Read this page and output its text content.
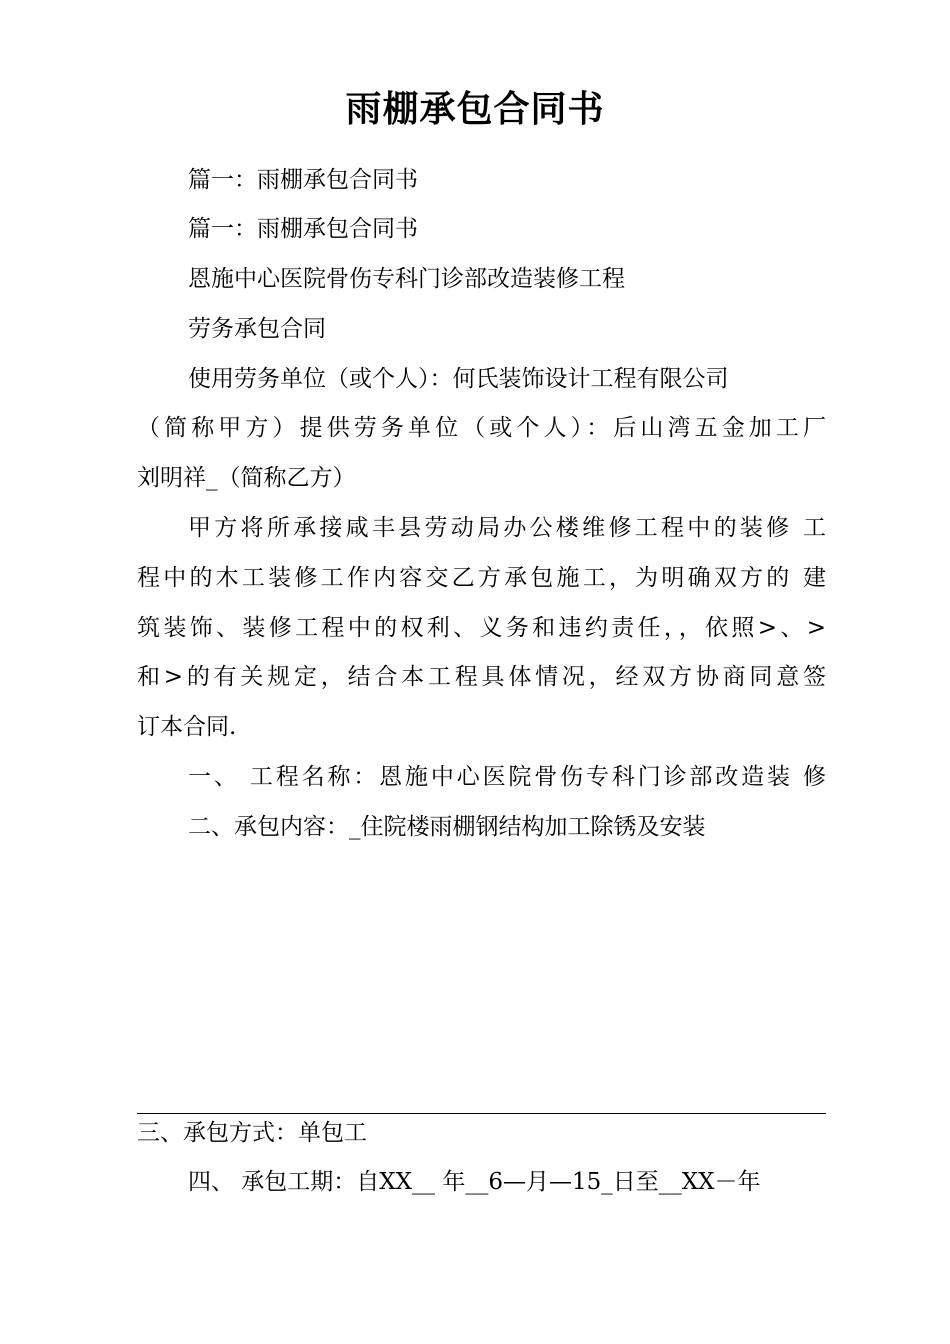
雨棚承包合同书
篇一：雨棚承包合同书
篇一：雨棚承包合同书
恩施中心医院骨伤专科门诊部改造装修工程
劳务承包合同
使用劳务单位（或个人）：何氏装饰设计工程有限公司
（简称甲方）提供劳务单位（或个人）：后山湾五金加工厂
刘明祥_（简称乙方）
甲方将所承接咸丰县劳动局办公楼维修工程中的装修 工
程中的木工装修工作内容交乙方承包施工，为明确双方的 建
筑装饰、装修工程中的权利、义务和违约责任，，依照>、>
和>的有关规定，结合本工程具体情况，经双方协商同意签
订本合同.
一、 工程名称：恩施中心医院骨伤专科门诊部改造装 修
二、承包内容：_住院楼雨棚钢结构加工除锈及安装
三、承包方式：单包工
四、 承包工期：自XX__ 年__6—月—15_日至__XX－年
